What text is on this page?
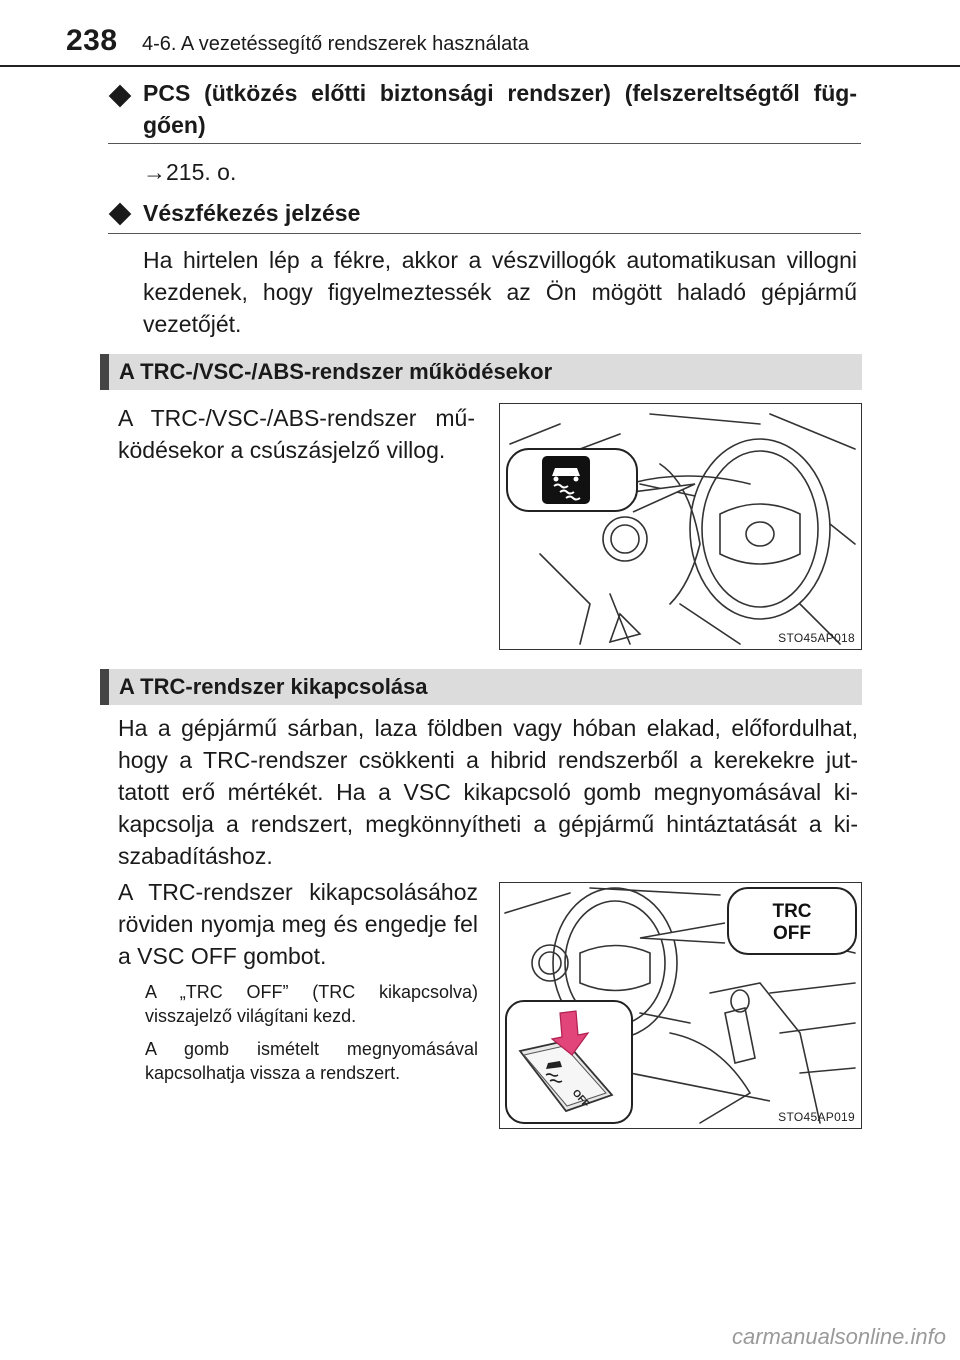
238 4-6. A vezetéssegítő rendszerek használata
PCS (ütközés előtti biztonsági rendszer) (felszereltségtől füg-
gően)
→215. o.
Vészfékezés jelzése
Ha hirtelen lép a fékre, akkor a vészvillogók automatikusan villogni kezdenek, hogy figyelmeztessék az Ön mögött haladó gépjármű vezetőjét.
A TRC-/VSC-/ABS-rendszer működésekor
A TRC-/VSC-/ABS-rendszer mű-ködésekor a csúszásjelző villog.
STO45AP018
A TRC-rendszer kikapcsolása
Ha a gépjármű sárban, laza földben vagy hóban elakad, előfordulhat, hogy a TRC-rendszer csökkenti a hibrid rendszerből a kerekekre jut-tatott erő mértékét. Ha a VSC kikapcsoló gomb megnyomásával ki-kapcsolja a rendszert, megkönnyítheti a gépjármű hintáztatását a ki-szabadításhoz.
A TRC-rendszer kikapcsolásához röviden nyomja meg és engedje fel a VSC OFF gombot.
A „TRC OFF” (TRC kikapcsolva) visszajelző világítani kezd.
A gomb ismételt megnyomásával kapcsolhatja vissza a rendszert.
TRC
OFF
OFF
STO45AP019
carmanualsonline.info
